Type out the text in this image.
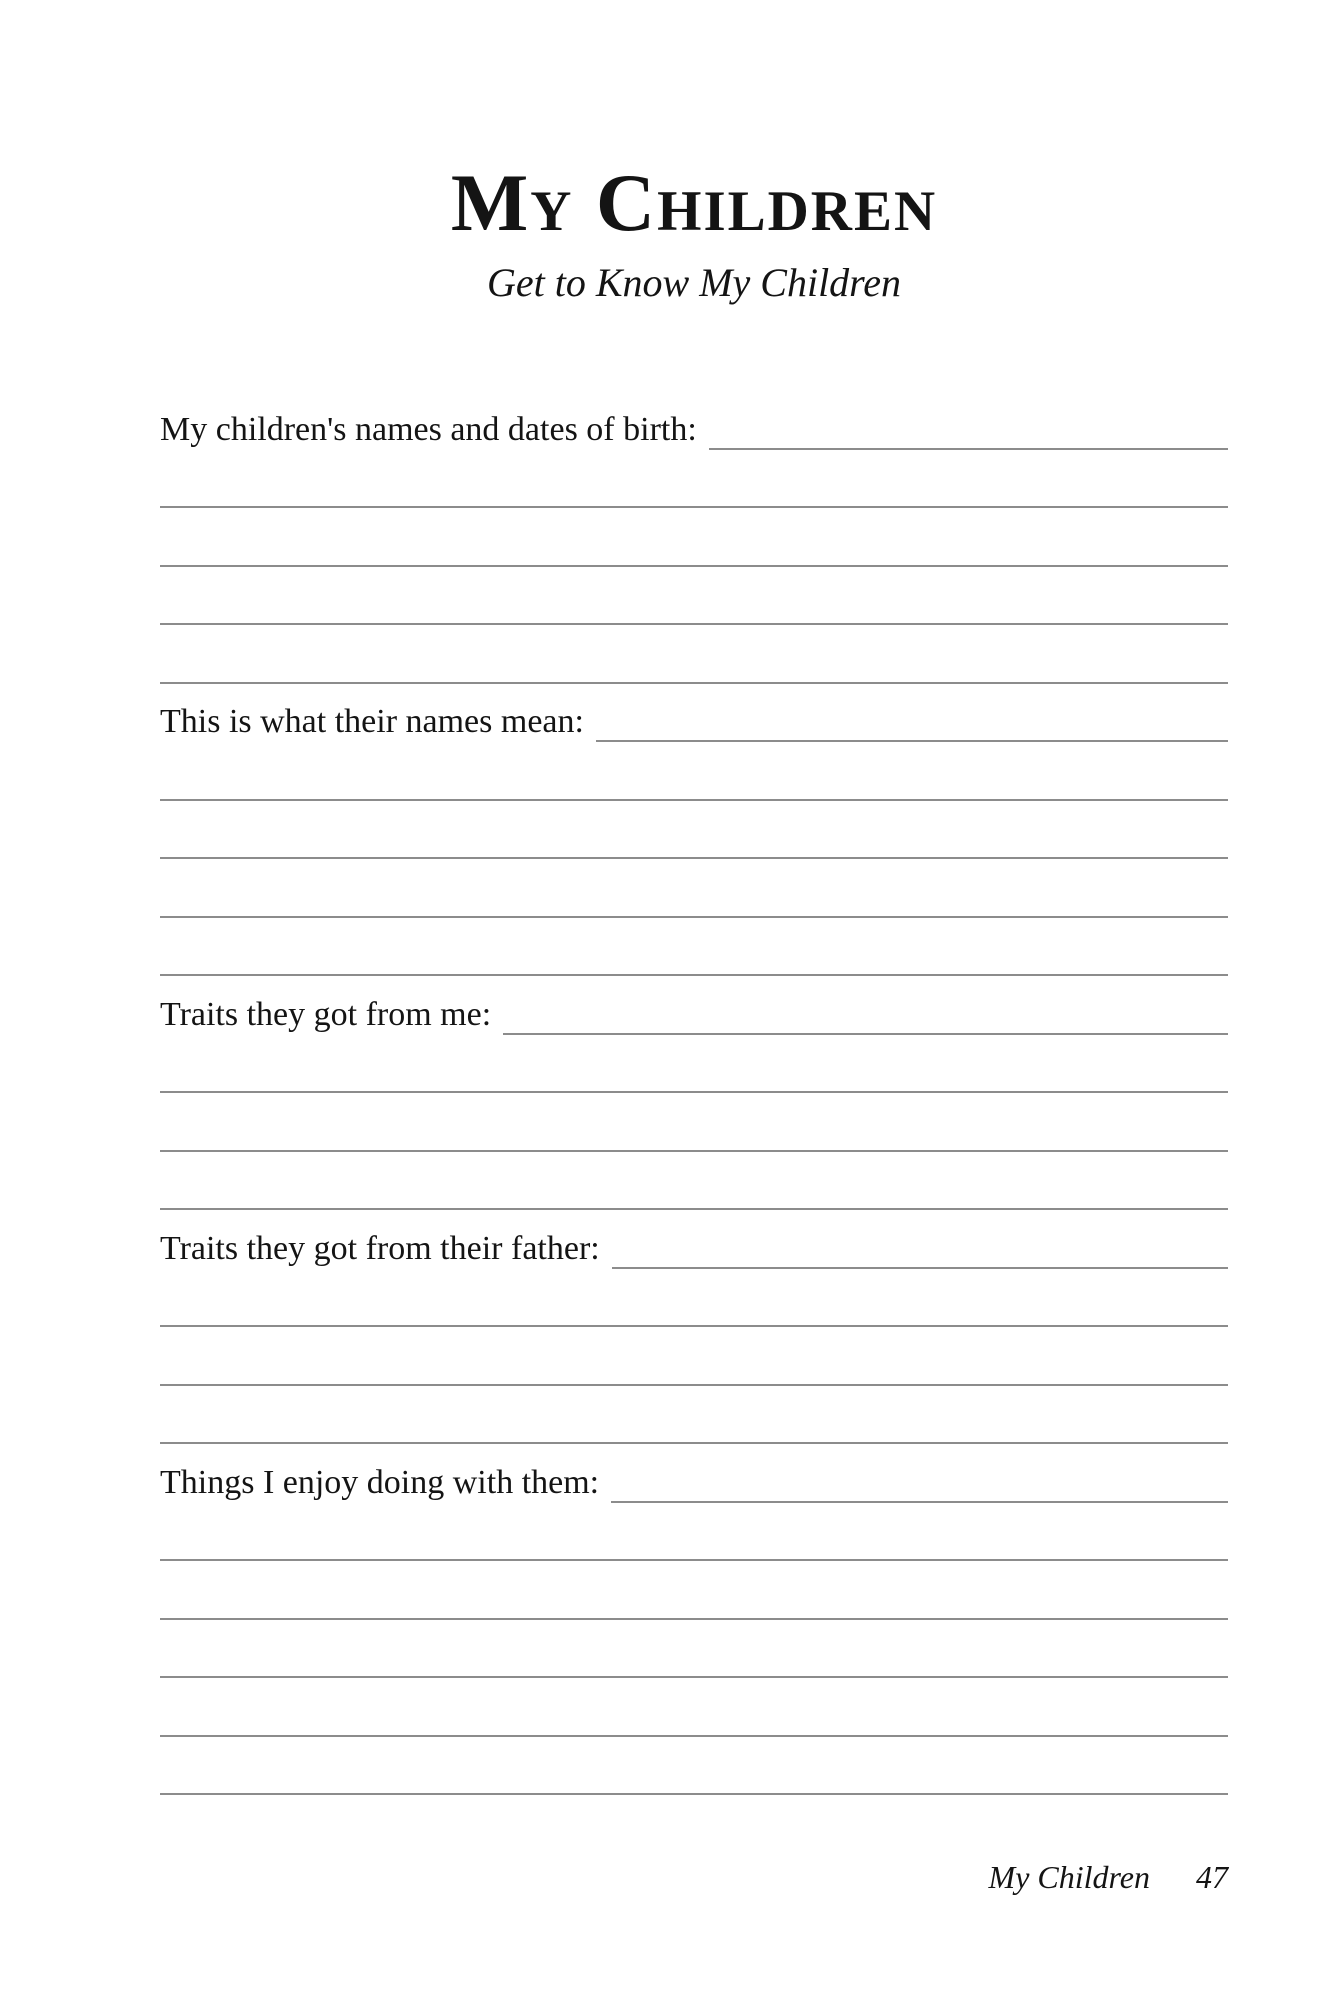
My Children
Get to Know My Children
My children's names and dates of birth:
This is what their names mean:
Traits they got from me:
Traits they got from their father:
Things I enjoy doing with them:
My Children 47
